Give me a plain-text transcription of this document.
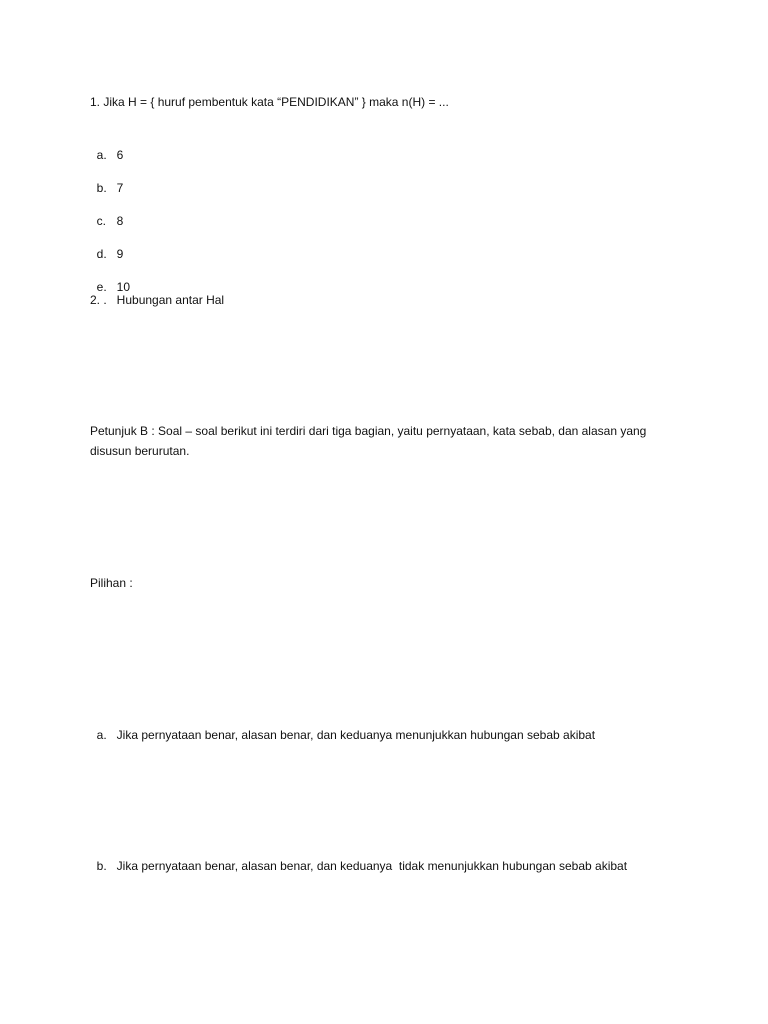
1. Jika H = { huruf pembentuk kata “PENDIDIKAN” } maka n(H) = ...

a. 6

b. 7

c. 8

d. 9

e. 10

2. .   Hubungan antar Hal
Petunjuk B : Soal – soal berikut ini terdiri dari tiga bagian, yaitu pernyataan, kata sebab, dan alasan yang disusun berurutan.
Pilihan :

a. Jika pernyataan benar, alasan benar, dan keduanya menunjukkan hubungan sebab akibat

b. Jika pernyataan benar, alasan benar, dan keduanya  tidak menunjukkan hubungan sebab akibat
